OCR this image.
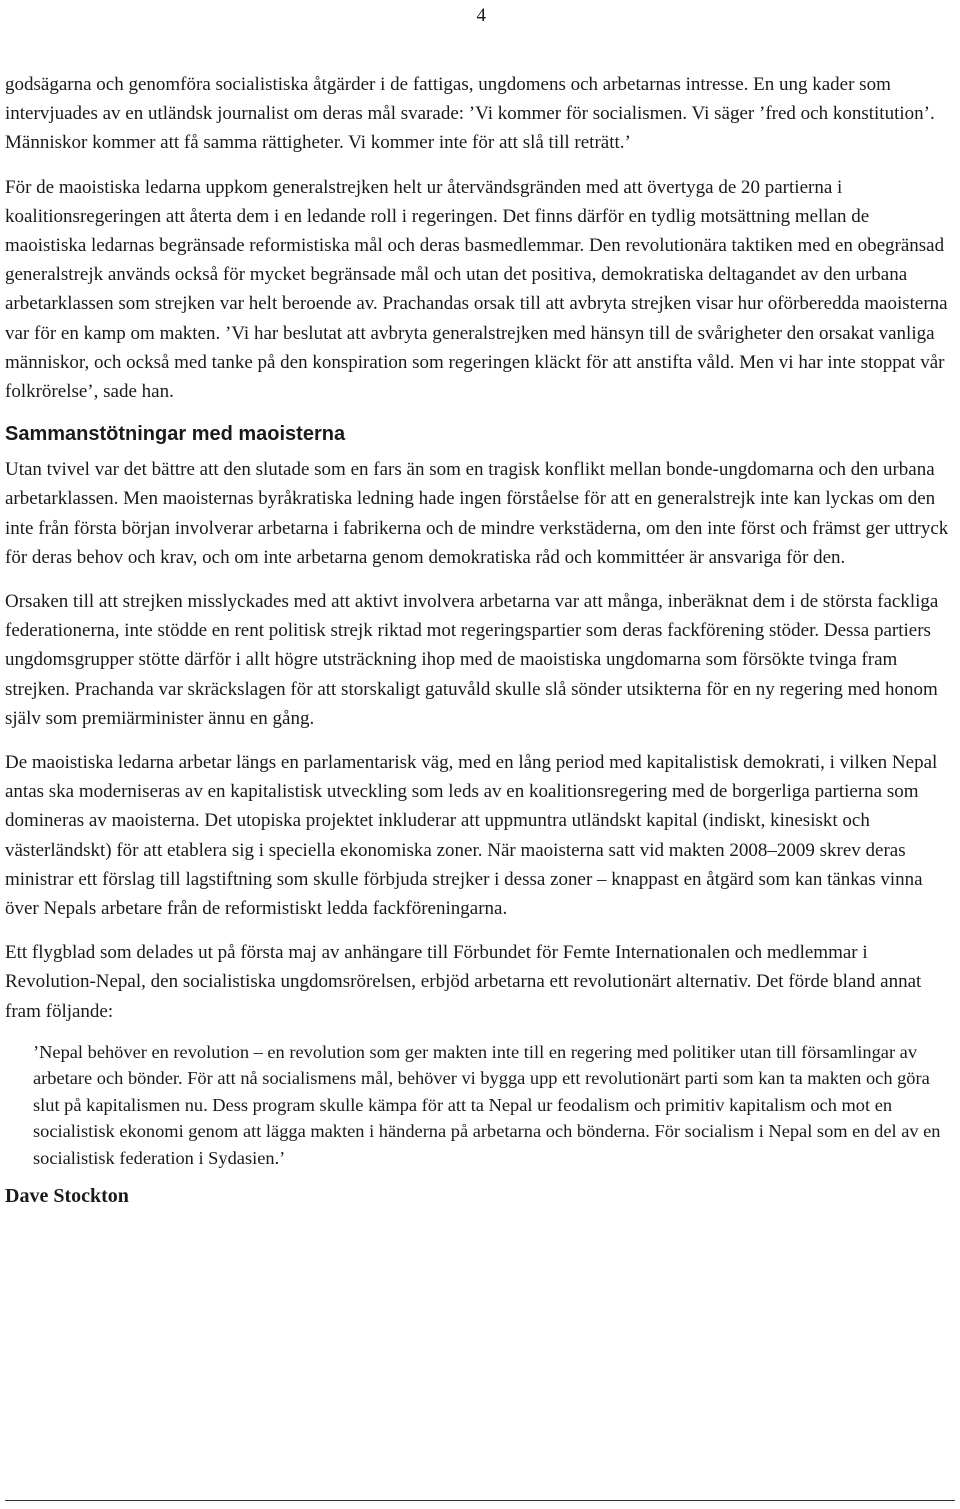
4

godsägarna och genomföra socialistiska åtgärder i de fattigas, ungdomens och arbetarnas intresse. En ung kader som intervjuades av en utländsk journalist om deras mål svarade: ’Vi kommer för socialismen. Vi säger ’fred och konstitution’. Människor kommer att få samma rättigheter. Vi kommer inte för att slå till reträtt.’

För de maoistiska ledarna uppkom generalstrejken helt ur återvändsgränden med att övertyga de 20 partierna i koalitionsregeringen att återta dem i en ledande roll i regeringen. Det finns därför en tydlig motsättning mellan de maoistiska ledarnas begränsade reformistiska mål och deras basmedlemmar. Den revolutionära taktiken med en obegränsad generalstrejk används också för mycket begränsade mål och utan det positiva, demokratiska deltagandet av den urbana arbetarklassen som strejken var helt beroende av. Prachandas orsak till att avbryta strejken visar hur oförberedda maoisterna var för en kamp om makten. ’Vi har beslutat att avbryta generalstrejken med hänsyn till de svårigheter den orsakat vanliga människor, och också med tanke på den konspiration som regeringen kläckt för att anstifta våld. Men vi har inte stoppat vår folkrörelse’, sade han.

Sammanstötningar med maoisterna

Utan tvivel var det bättre att den slutade som en fars än som en tragisk konflikt mellan bonde-ungdomarna och den urbana arbetarklassen. Men maoisternas byråkratiska ledning hade ingen förståelse för att en generalstrejk inte kan lyckas om den inte från första början involverar arbetarna i fabrikerna och de mindre verkstäderna, om den inte först och främst ger uttryck för deras behov och krav, och om inte arbetarna genom demokratiska råd och kommittéer är ansvariga för den.

Orsaken till att strejken misslyckades med att aktivt involvera arbetarna var att många, inberäknat dem i de största fackliga federationerna, inte stödde en rent politisk strejk riktad mot regeringspartier som deras fackförening stöder. Dessa partiers ungdomsgrupper stötte därför i allt högre utsträckning ihop med de maoistiska ungdomarna som försökte tvinga fram strejken. Prachanda var skräckslagen för att storskaligt gatuvåld skulle slå sönder utsikterna för en ny regering med honom själv som premiärminister ännu en gång.

De maoistiska ledarna arbetar längs en parlamentarisk väg, med en lång period med kapitalistisk demokrati, i vilken Nepal antas ska moderniseras av en kapitalistisk utveckling som leds av en koalitionsregering med de borgerliga partierna som domineras av maoisterna. Det utopiska projektet inkluderar att uppmuntra utländskt kapital (indiskt, kinesiskt och västerländskt) för att etablera sig i speciella ekonomiska zoner. När maoisterna satt vid makten 2008–2009 skrev deras ministrar ett förslag till lagstiftning som skulle förbjuda strejker i dessa zoner – knappast en åtgärd som kan tänkas vinna över Nepals arbetare från de reformistiskt ledda fackföreningarna.

Ett flygblad som delades ut på första maj av anhängare till Förbundet för Femte Internationalen och medlemmar i Revolution-Nepal, den socialistiska ungdomsrörelsen, erbjöd arbetarna ett revolutionärt alternativ. Det förde bland annat fram följande:

’Nepal behöver en revolution – en revolution som ger makten inte till en regering med politiker utan till församlingar av arbetare och bönder. För att nå socialismens mål, behöver vi bygga upp ett revolutionärt parti som kan ta makten och göra slut på kapitalismen nu. Dess program skulle kämpa för att ta Nepal ur feodalism och primitiv kapitalism och mot en socialistisk ekonomi genom att lägga makten i händerna på arbetarna och bönderna. För socialism i Nepal som en del av en socialistisk federation i Sydasien.’

Dave Stockton
